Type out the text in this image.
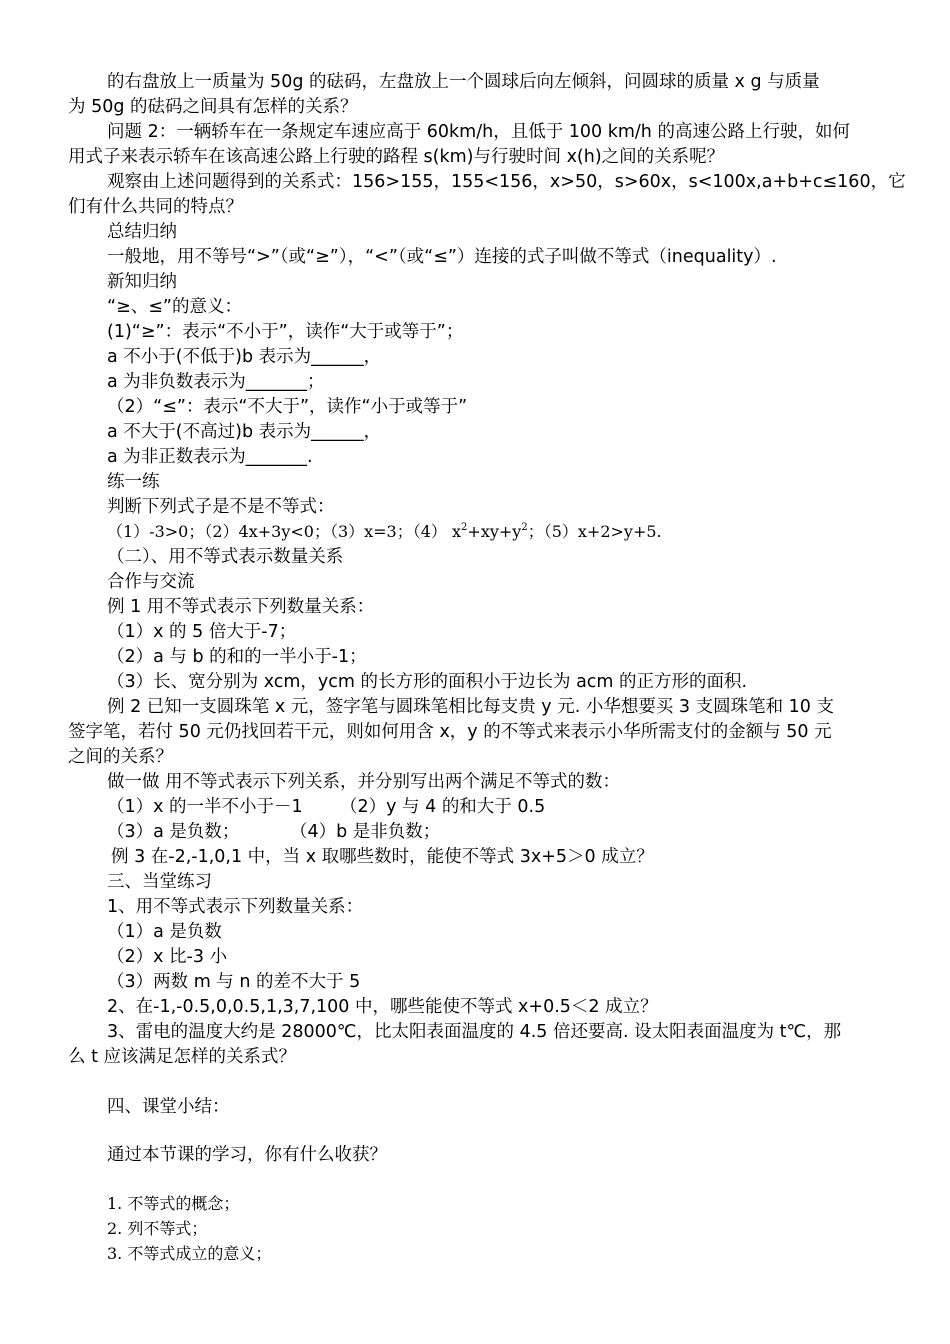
的右盘放上一质量为 50g 的砝码，左盘放上一个圆球后向左倾斜，问圆球的质量 x g 与质量
为 50g 的砝码之间具有怎样的关系？
问题 2：一辆轿车在一条规定车速应高于 60km/h，且低于 100 km/h 的高速公路上行驶，如何
用式子来表示轿车在该高速公路上行驶的路程 s(km)与行驶时间 x(h)之间的关系呢？
观察由上述问题得到的关系式：156>155，155<156，x>50，s>60x，s<100x,a+b+c≤160，它
们有什么共同的特点？
总结归纳
一般地，用不等号“>”（或“≥”），“<”（或“≤”）连接的式子叫做不等式（inequality）.
新知归纳
“≥、≤”的意义：
(1)“≥”：表示“不小于”，读作“大于或等于”；
a 不小于(不低于)b 表示为______，
a 为非负数表示为_______；
（2）“≤”：表示“不大于”，读作“小于或等于”
a 不大于(不高过)b 表示为______，
a 为非正数表示为_______.
练一练
判断下列式子是不是不等式：
（1）-3>0；（2）4x+3y<0；（3）x=3；（4） $x^2+xy+y^2$；（5）x+2>y+5.
（二）、用不等式表示数量关系
合作与交流
例 1 用不等式表示下列数量关系：
（1）x 的 5 倍大于-7；
（2）a 与 b 的和的一半小于-1；
（3）长、宽分别为 xcm，ycm 的长方形的面积小于边长为 acm 的正方形的面积.
例 2 已知一支圆珠笔 x 元，签字笔与圆珠笔相比每支贵 y 元. 小华想要买 3 支圆珠笔和 10 支
签字笔，若付 50 元仍找回若干元，则如何用含 x，y 的不等式来表示小华所需支付的金额与 50 元
之间的关系？
做一做 用不等式表示下列关系，并分别写出两个满足不等式的数：
（1）x 的一半不小于－1 （2）y 与 4 的和大于 0.5
（3）a 是负数；	（4）b 是非负数；
例 3 在-2,-1,0,1 中，当 x 取哪些数时，能使不等式 3x+5＞0 成立？
三、当堂练习
1、用不等式表示下列数量关系：
（1）a 是负数
（2）x 比-3 小
（3）两数 m 与 n 的差不大于 5
2、在-1,-0.5,0,0.5,1,3,7,100 中，哪些能使不等式 x+0.5＜2 成立？
3、雷电的温度大约是 28000℃，比太阳表面温度的 4.5 倍还要高. 设太阳表面温度为 t℃，那
么 t 应该满足怎样的关系式？
四、课堂小结：
通过本节课的学习，你有什么收获？
1. 不等式的概念；
2. 列不等式；
3. 不等式成立的意义；
